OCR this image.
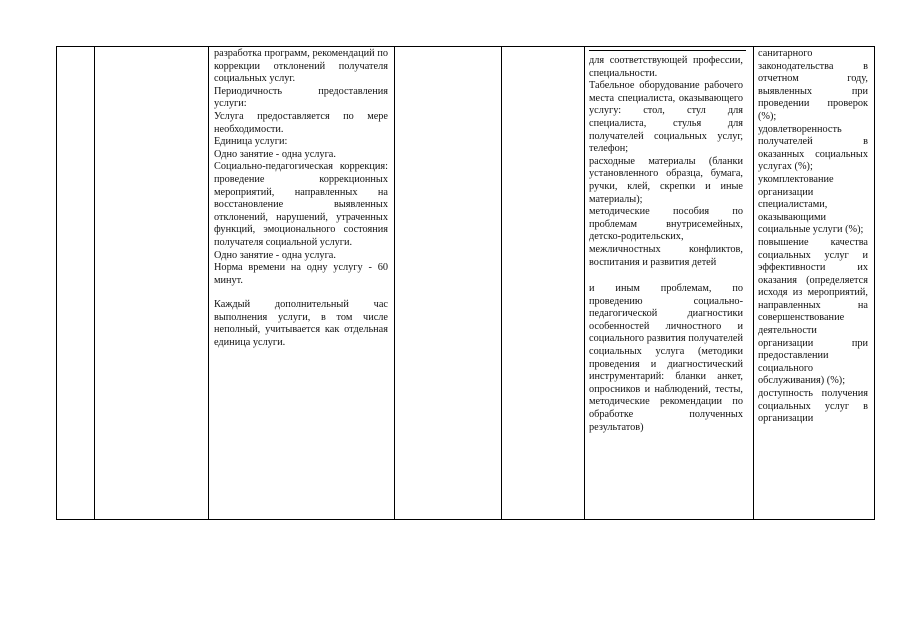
разработка программ, рекомендаций по коррекции отклонений получателя социальных услуг.

Периодичность предоставления услуги:

Услуга предоставляется по мере необходимости.

Единица услуги:

Одно занятие - одна услуга.

Социально-педагогическая коррекция: проведение коррекционных мероприятий, направленных на восстановление выявленных отклонений, нарушений, утраченных функций, эмоционального состояния получателя социальной услуги.

Одно занятие - одна услуга.

Норма времени на одну услугу - 60 минут.

Каждый дополнительный час выполнения услуги, в том числе неполный, учитывается как отдельная единица услуги.

для соответствующей профессии, специальности.

Табельное оборудование рабочего места специалиста, оказывающего услугу: стол, стул для специалиста, стулья для получателей социальных услуг, телефон;

расходные материалы (бланки установленного образца, бумага, ручки, клей, скрепки и иные материалы);

методические пособия по проблемам внутрисемейных, детско-родительских, межличностных конфликтов, воспитания и развития детей

и иным проблемам, по проведению социально-педагогической диагностики особенностей личностного и социального развития получателей социальных услуга (методики проведения и диагностический инструментарий: бланки анкет, опросников и наблюдений, тесты, методические рекомендации по обработке полученных результатов)

санитарного законодательства в отчетном году, выявленных при проведении проверок (%);

удовлетворенность получателей в оказанных социальных услугах (%);

укомплектование организации специалистами, оказывающими социальные услуги (%);

повышение качества социальных услуг и эффективности их оказания (определяется исходя из мероприятий, направленных на совершенствование деятельности организации при предоставлении социального обслуживания) (%);

доступность получения социальных услуг в организации
